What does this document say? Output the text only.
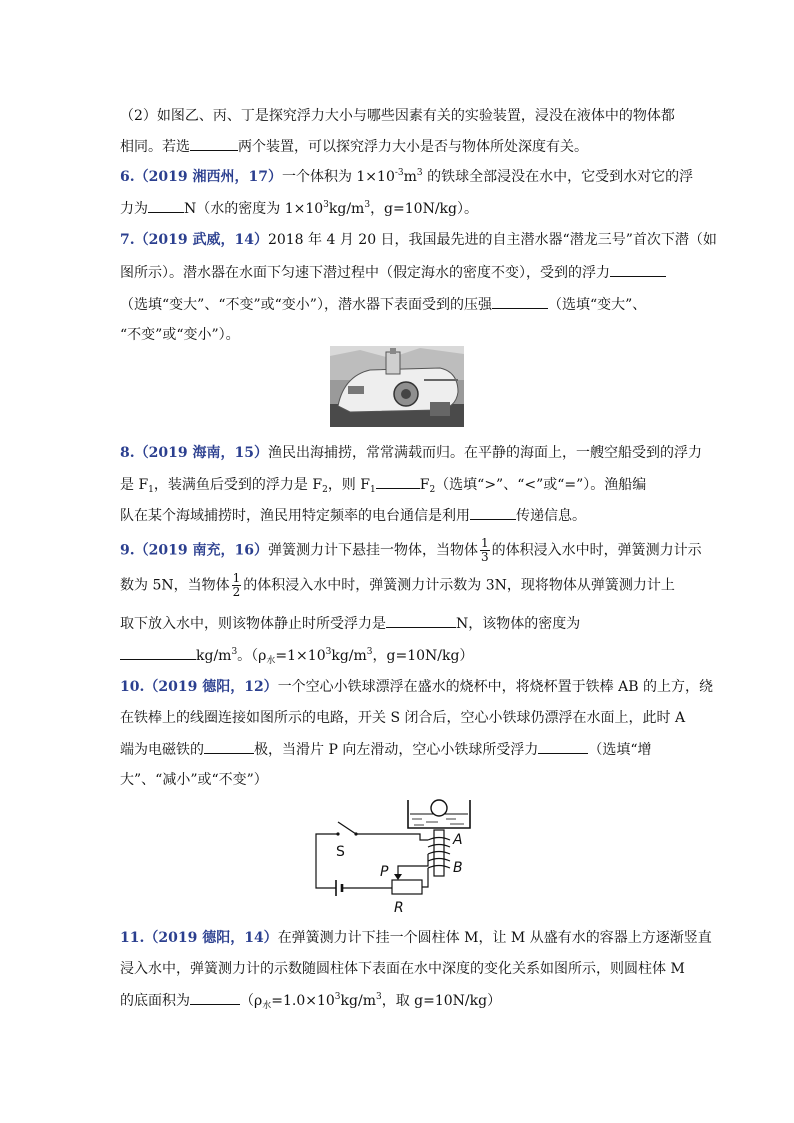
（2）如图乙、丙、丁是探究浮力大小与哪些因素有关的实验装置，浸没在液体中的物体都
相同。若选	两个装置，可以探究浮力大小是否与物体所处深度有关。
6.（2019 湘西州，17）一个体积为 $1\times 10^{-3}m^3$ 的铁球全部浸没在水中，它受到水对它的浮
力为	N（水的密度为 $1\times 10^3kg/m^3$，g=10N/kg）。
7.（2019 武威，14）2018 年 4 月 20 日，我国最先进的自主潜水器“潜龙三号”首次下潜（如
图所示）。潜水器在水面下匀速下潜过程中（假定海水的密度不变），受到的浮力
（选填“变大”、“不变”或“变小”），潜水器下表面受到的压强	（选填“变大”、
“不变”或“变小”）。
8.（2019 海南，15）渔民出海捕捞，常常满载而归。在平静的海面上，一艘空船受到的浮力
是 $F_1$，装满鱼后受到的浮力是 $F_2$，则 $F_1$	$F_2$（选填“>”、“<”或“=”）。渔船编
队在某个海域捕捞时，渔民用特定频率的电台通信是利用	传递信息。
9.（2019 南充，16）弹簧测力计下悬挂一物体，当物体 $\frac{1}{3}$ 的体积浸入水中时，弹簧测力计示
数为 5N，当物体 $\frac{1}{2}$ 的体积浸入水中时，弹簧测力计示数为 3N，现将物体从弹簧测力计上
取下放入水中，则该物体静止时所受浮力是	N，该物体的密度为
$kg/m^3$。（$\rho_水=1\times 10^3kg/m^3$，g=10N/kg）
10.（2019 德阳，12）一个空心小铁球漂浮在盛水的烧杯中，将烧杯置于铁棒 AB 的上方，绕
在铁棒上的线圈连接如图所示的电路，开关 S 闭合后，空心小铁球仍漂浮在水面上，此时 A
端为电磁铁的	极，当滑片 P 向左滑动，空心小铁球所受浮力	（选填“增
大”、“减小”或“不变”）
A
B
S
P
R
11.（2019 德阳，14）在弹簧测力计下挂一个圆柱体 M，让 M 从盛有水的容器上方逐渐竖直
浸入水中，弹簧测力计的示数随圆柱体下表面在水中深度的变化关系如图所示，则圆柱体 M
的底面积为	（$\rho_水=1.0\times 10^3kg/m^3$，取 g=10N/kg）
